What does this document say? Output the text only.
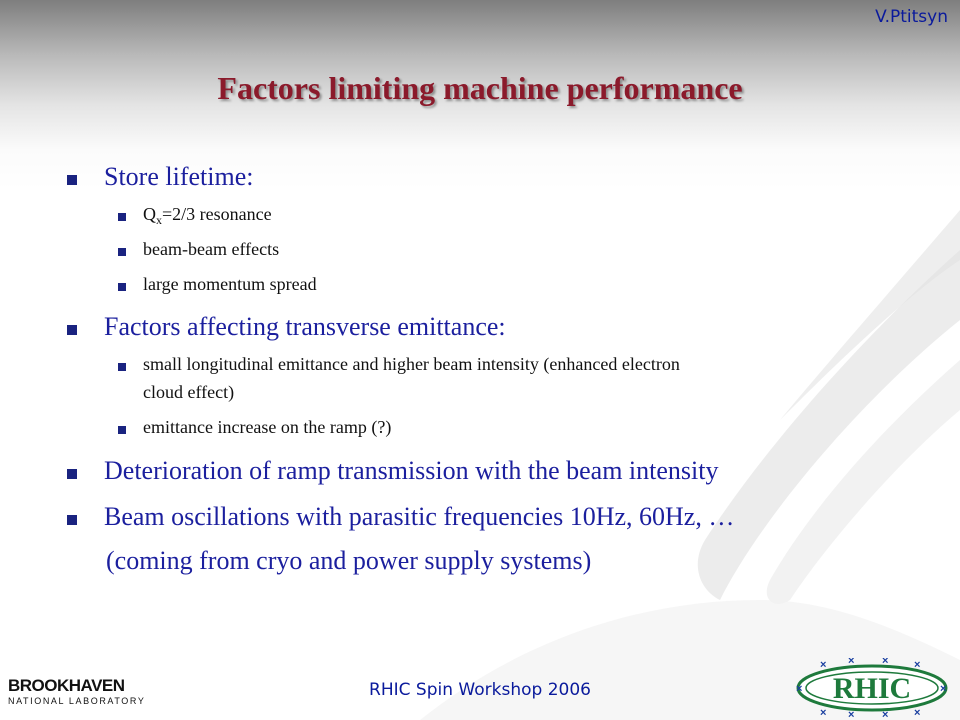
V.Ptitsyn
Factors limiting machine performance
Store lifetime:
$Q_x=2/3$ resonance
beam-beam effects
large momentum spread
Factors affecting transverse emittance:
small longitudinal emittance and higher beam intensity (enhanced electron
cloud effect)
emittance increase on the ramp (?)
Deterioration of ramp transmission with the beam intensity
Beam oscillations with parasitic frequencies 10Hz, 60Hz, …
(coming from cryo and power supply systems)
RHIC Spin Workshop 2006
BROOKHAVEN
NATIONAL LABORATORY
× ×	× ×
×	×
× ×	× ×
RHIC
